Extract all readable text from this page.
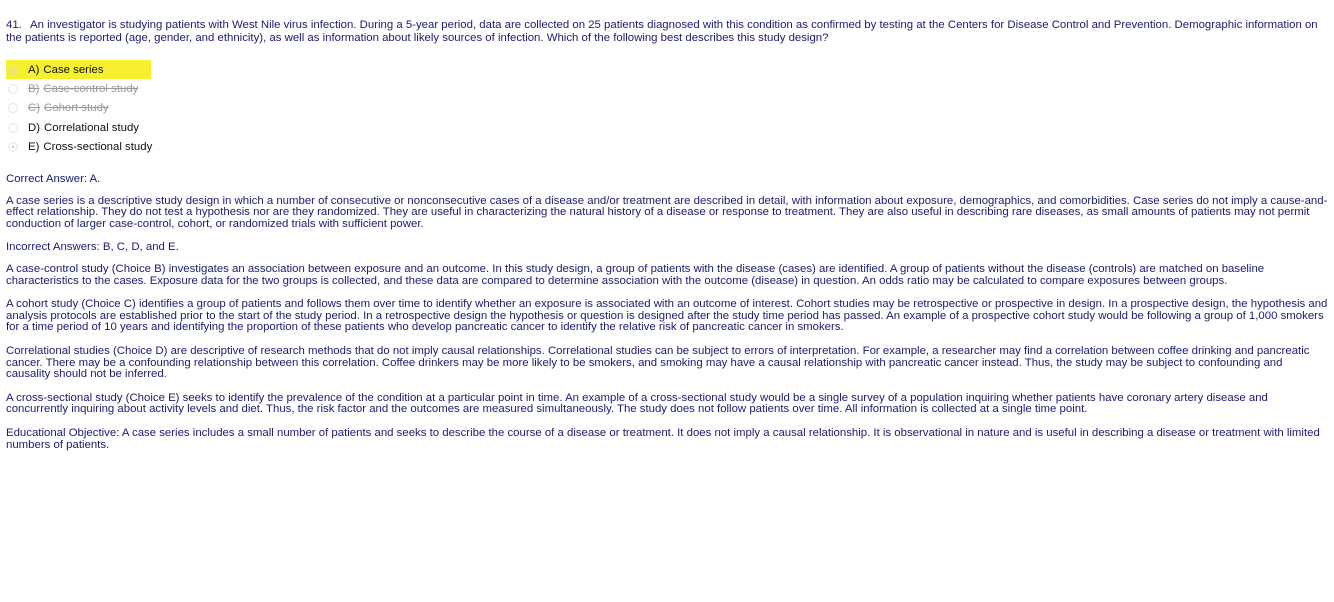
41. An investigator is studying patients with West Nile virus infection. During a 5-year period, data are collected on 25 patients diagnosed with this condition as confirmed by testing at the Centers for Disease Control and Prevention. Demographic information on the patients is reported (age, gender, and ethnicity), as well as information about likely sources of infection. Which of the following best describes this study design?
A) Case series
B) Case-control study
C) Cohort study
D) Correlational study
E) Cross-sectional study

Correct Answer: A.

A case series is a descriptive study design in which a number of consecutive or nonconsecutive cases of a disease and/or treatment are described in detail, with information about exposure, demographics, and comorbidities. Case series do not imply a cause-and-effect relationship. They do not test a hypothesis nor are they randomized. They are useful in characterizing the natural history of a disease or response to treatment. They are also useful in describing rare diseases, as small amounts of patients may not permit conduction of larger case-control, cohort, or randomized trials with sufficient power.

Incorrect Answers: B, C, D, and E.

A case-control study (Choice B) investigates an association between exposure and an outcome. In this study design, a group of patients with the disease (cases) are identified. A group of patients without the disease (controls) are matched on baseline characteristics to the cases. Exposure data for the two groups is collected, and these data are compared to determine association with the outcome (disease) in question. An odds ratio may be calculated to compare exposures between groups.

A cohort study (Choice C) identifies a group of patients and follows them over time to identify whether an exposure is associated with an outcome of interest. Cohort studies may be retrospective or prospective in design. In a prospective design, the hypothesis and analysis protocols are established prior to the start of the study period. In a retrospective design the hypothesis or question is designed after the study time period has passed. An example of a prospective cohort study would be following a group of 1,000 smokers for a time period of 10 years and identifying the proportion of these patients who develop pancreatic cancer to identify the relative risk of pancreatic cancer in smokers.

Correlational studies (Choice D) are descriptive of research methods that do not imply causal relationships. Correlational studies can be subject to errors of interpretation. For example, a researcher may find a correlation between coffee drinking and pancreatic cancer. There may be a confounding relationship between this correlation. Coffee drinkers may be more likely to be smokers, and smoking may have a causal relationship with pancreatic cancer instead. Thus, the study may be subject to confounding and causality should not be inferred.

A cross-sectional study (Choice E) seeks to identify the prevalence of the condition at a particular point in time. An example of a cross-sectional study would be a single survey of a population inquiring whether patients have coronary artery disease and concurrently inquiring about activity levels and diet. Thus, the risk factor and the outcomes are measured simultaneously. The study does not follow patients over time. All information is collected at a single time point.

Educational Objective: A case series includes a small number of patients and seeks to describe the course of a disease or treatment. It does not imply a causal relationship. It is observational in nature and is useful in describing a disease or treatment with limited numbers of patients.
